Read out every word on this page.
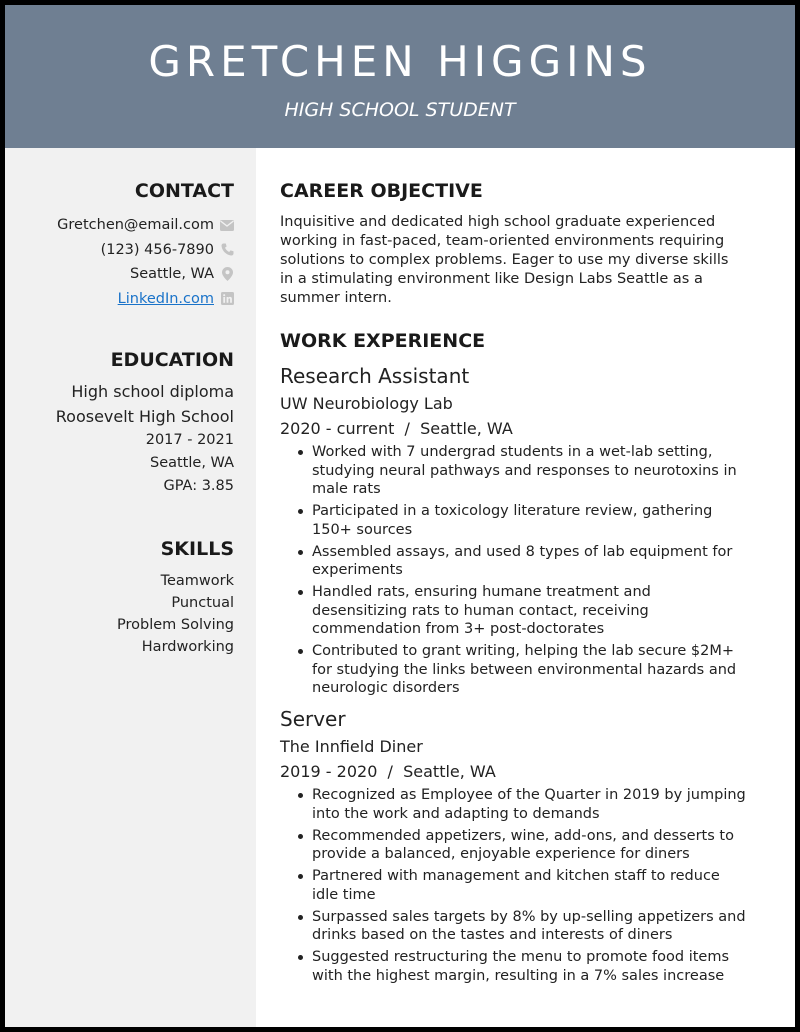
GRETCHEN HIGGINS
HIGH SCHOOL STUDENT
CONTACT
Gretchen@email.com
(123) 456-7890
Seattle, WA
LinkedIn.com
EDUCATION
High school diploma
Roosevelt High School
2017 - 2021
Seattle, WA
GPA: 3.85
SKILLS
Teamwork
Punctual
Problem Solving
Hardworking
CAREER OBJECTIVE
Inquisitive and dedicated high school graduate experienced working in fast-paced, team-oriented environments requiring solutions to complex problems. Eager to use my diverse skills in a stimulating environment like Design Labs Seattle as a summer intern.
WORK EXPERIENCE
Research Assistant
UW Neurobiology Lab
2020 - current  /  Seattle, WA
Worked with 7 undergrad students in a wet-lab setting, studying neural pathways and responses to neurotoxins in male rats
Participated in a toxicology literature review, gathering 150+ sources
Assembled assays, and used 8 types of lab equipment for experiments
Handled rats, ensuring humane treatment and desensitizing rats to human contact, receiving commendation from 3+ post-doctorates
Contributed to grant writing, helping the lab secure $2M+ for studying the links between environmental hazards and neurologic disorders
Server
The Innfield Diner
2019 - 2020  /  Seattle, WA
Recognized as Employee of the Quarter in 2019 by jumping into the work and adapting to demands
Recommended appetizers, wine, add-ons, and desserts to provide a balanced, enjoyable experience for diners
Partnered with management and kitchen staff to reduce idle time
Surpassed sales targets by 8% by up-selling appetizers and drinks based on the tastes and interests of diners
Suggested restructuring the menu to promote food items with the highest margin, resulting in a 7% sales increase
